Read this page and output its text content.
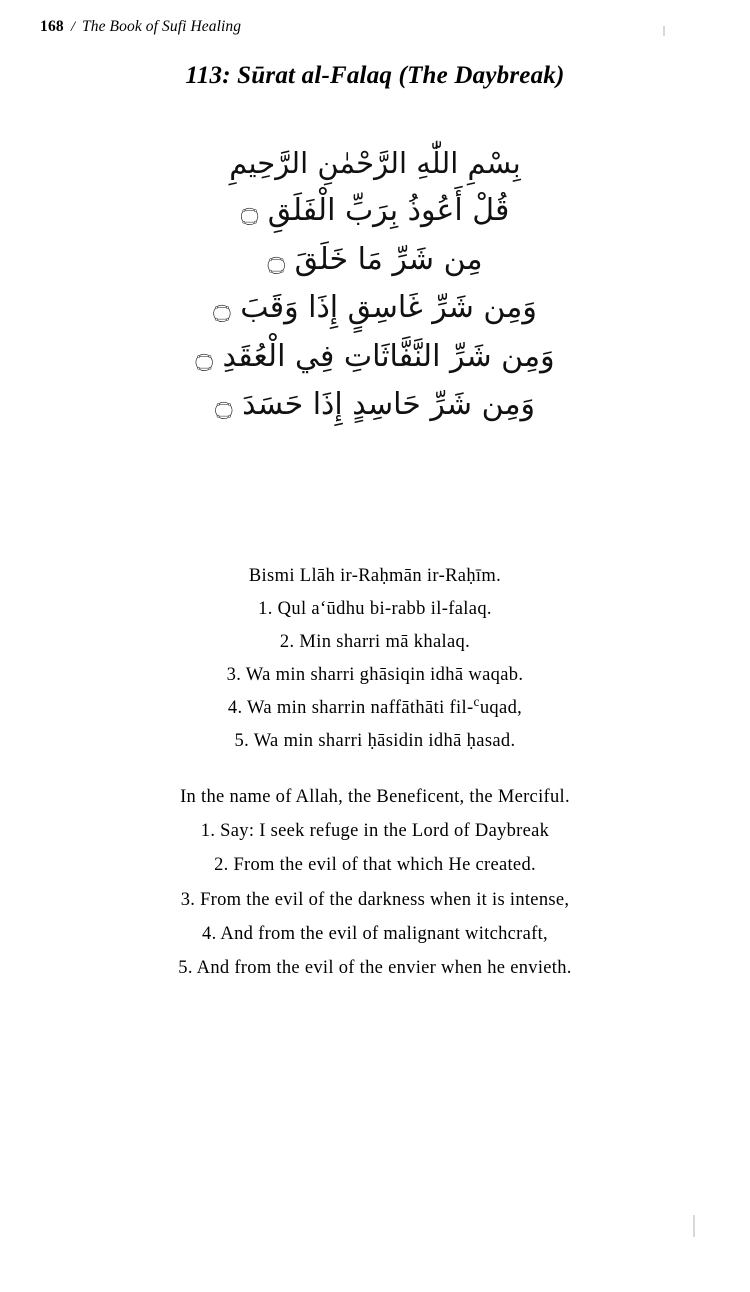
168 / The Book of Sufi Healing
113: Sūrat al-Falaq (The Daybreak)
بِسْمِ اللّٰهِ الرَّحْمٰنِ الرَّحِيمِ
قُلْ أَعُوذُ بِرَبِّ الْفَلَقِ ۝
مِن شَرِّ مَا خَلَقَ ۝
وَمِن شَرِّ غَاسِقٍ إِذَا وَقَبَ ۝
وَمِن شَرِّ النَّفَّاثَاتِ فِي الْعُقَدِ ۝
وَمِن شَرِّ حَاسِدٍ إِذَا حَسَدَ ۝
Bismi Llāh ir-Raḥmān ir-Raḥīm.
1. Qul a‘ūdhu bi-rabb il-falaq.
2. Min sharri mā khalaq.
3. Wa min sharri ghāsiqin idhā waqab.
4. Wa min sharrin naffāthāti fil-$^c$uqad,
5. Wa min sharri ḥāsidin idhā ḥasad.
In the name of Allah, the Beneficent, the Merciful.
1. Say: I seek refuge in the Lord of Daybreak
2. From the evil of that which He created.
3. From the evil of the darkness when it is intense,
4. And from the evil of malignant witchcraft,
5. And from the evil of the envier when he envieth.
